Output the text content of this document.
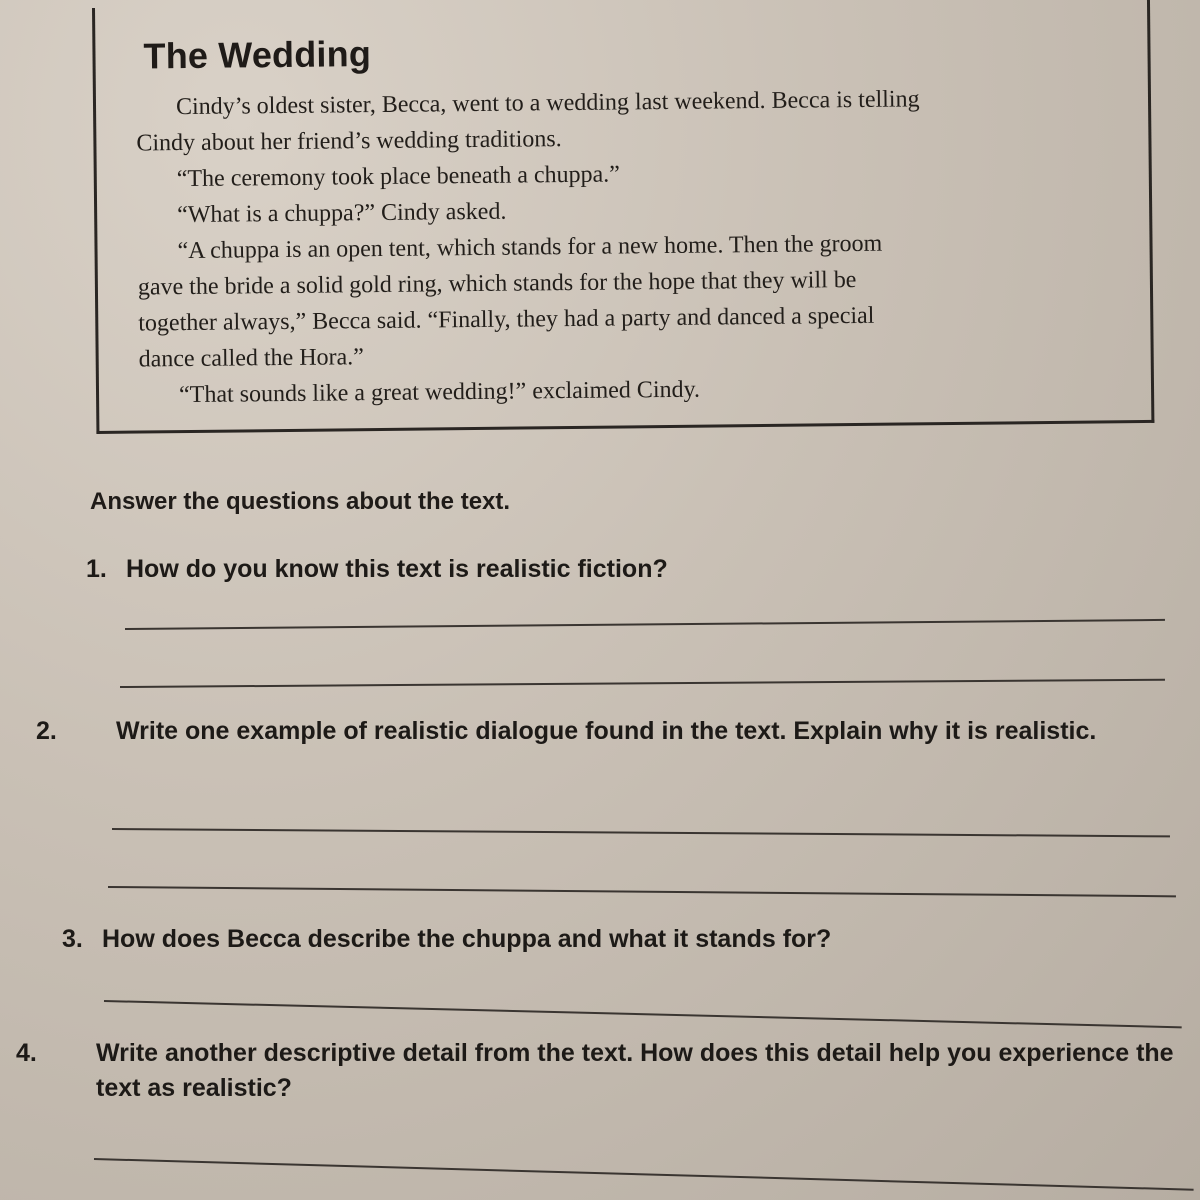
The Wedding

Cindy’s oldest sister, Becca, went to a wedding last weekend. Becca is telling

Cindy about her friend’s wedding traditions.

“The ceremony took place beneath a chuppa.”

“What is a chuppa?” Cindy asked.

“A chuppa is an open tent, which stands for a new home. Then the groom

gave the bride a solid gold ring, which stands for the hope that they will be

together always,” Becca said. “Finally, they had a party and danced a special

dance called the Hora.”

“That sounds like a great wedding!” exclaimed Cindy.

Answer the questions about the text.

1. How do you know this text is realistic fiction?
2. Write one example of realistic dialogue found in the text. Explain why it is realistic.
3. How does Becca describe the chuppa and what it stands for?
4. Write another descriptive detail from the text. How does this detail help you experience the text as realistic?
